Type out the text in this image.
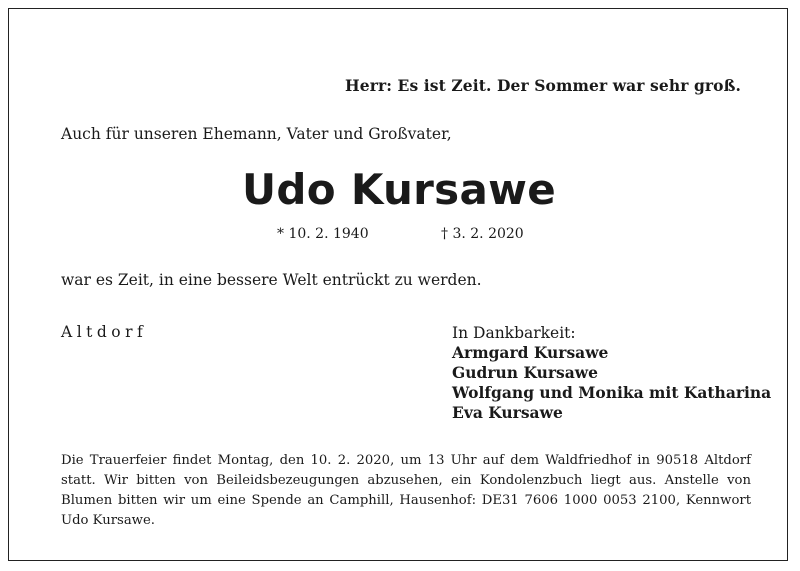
Herr: Es ist Zeit. Der Sommer war sehr groß.
Auch für unseren Ehemann, Vater und Großvater,
Udo Kursawe
* 10. 2. 1940	† 3. 2. 2020
war es Zeit, in eine bessere Welt entrückt zu werden.
Altdorf	In Dankbarkeit:
Armgard Kursawe
Gudrun Kursawe
Wolfgang und Monika mit Katharina
Eva Kursawe
Die Trauerfeier findet Montag, den 10. 2. 2020, um 13 Uhr auf dem Waldfriedhof in 90518 Altdorf statt. Wir bitten von Beileidsbezeugungen abzusehen, ein Kondolenzbuch liegt aus. Anstelle von Blumen bitten wir um eine Spende an Camphill, Hausenhof: DE31 7606 1000 0053 2100, Kennwort Udo Kursawe.
